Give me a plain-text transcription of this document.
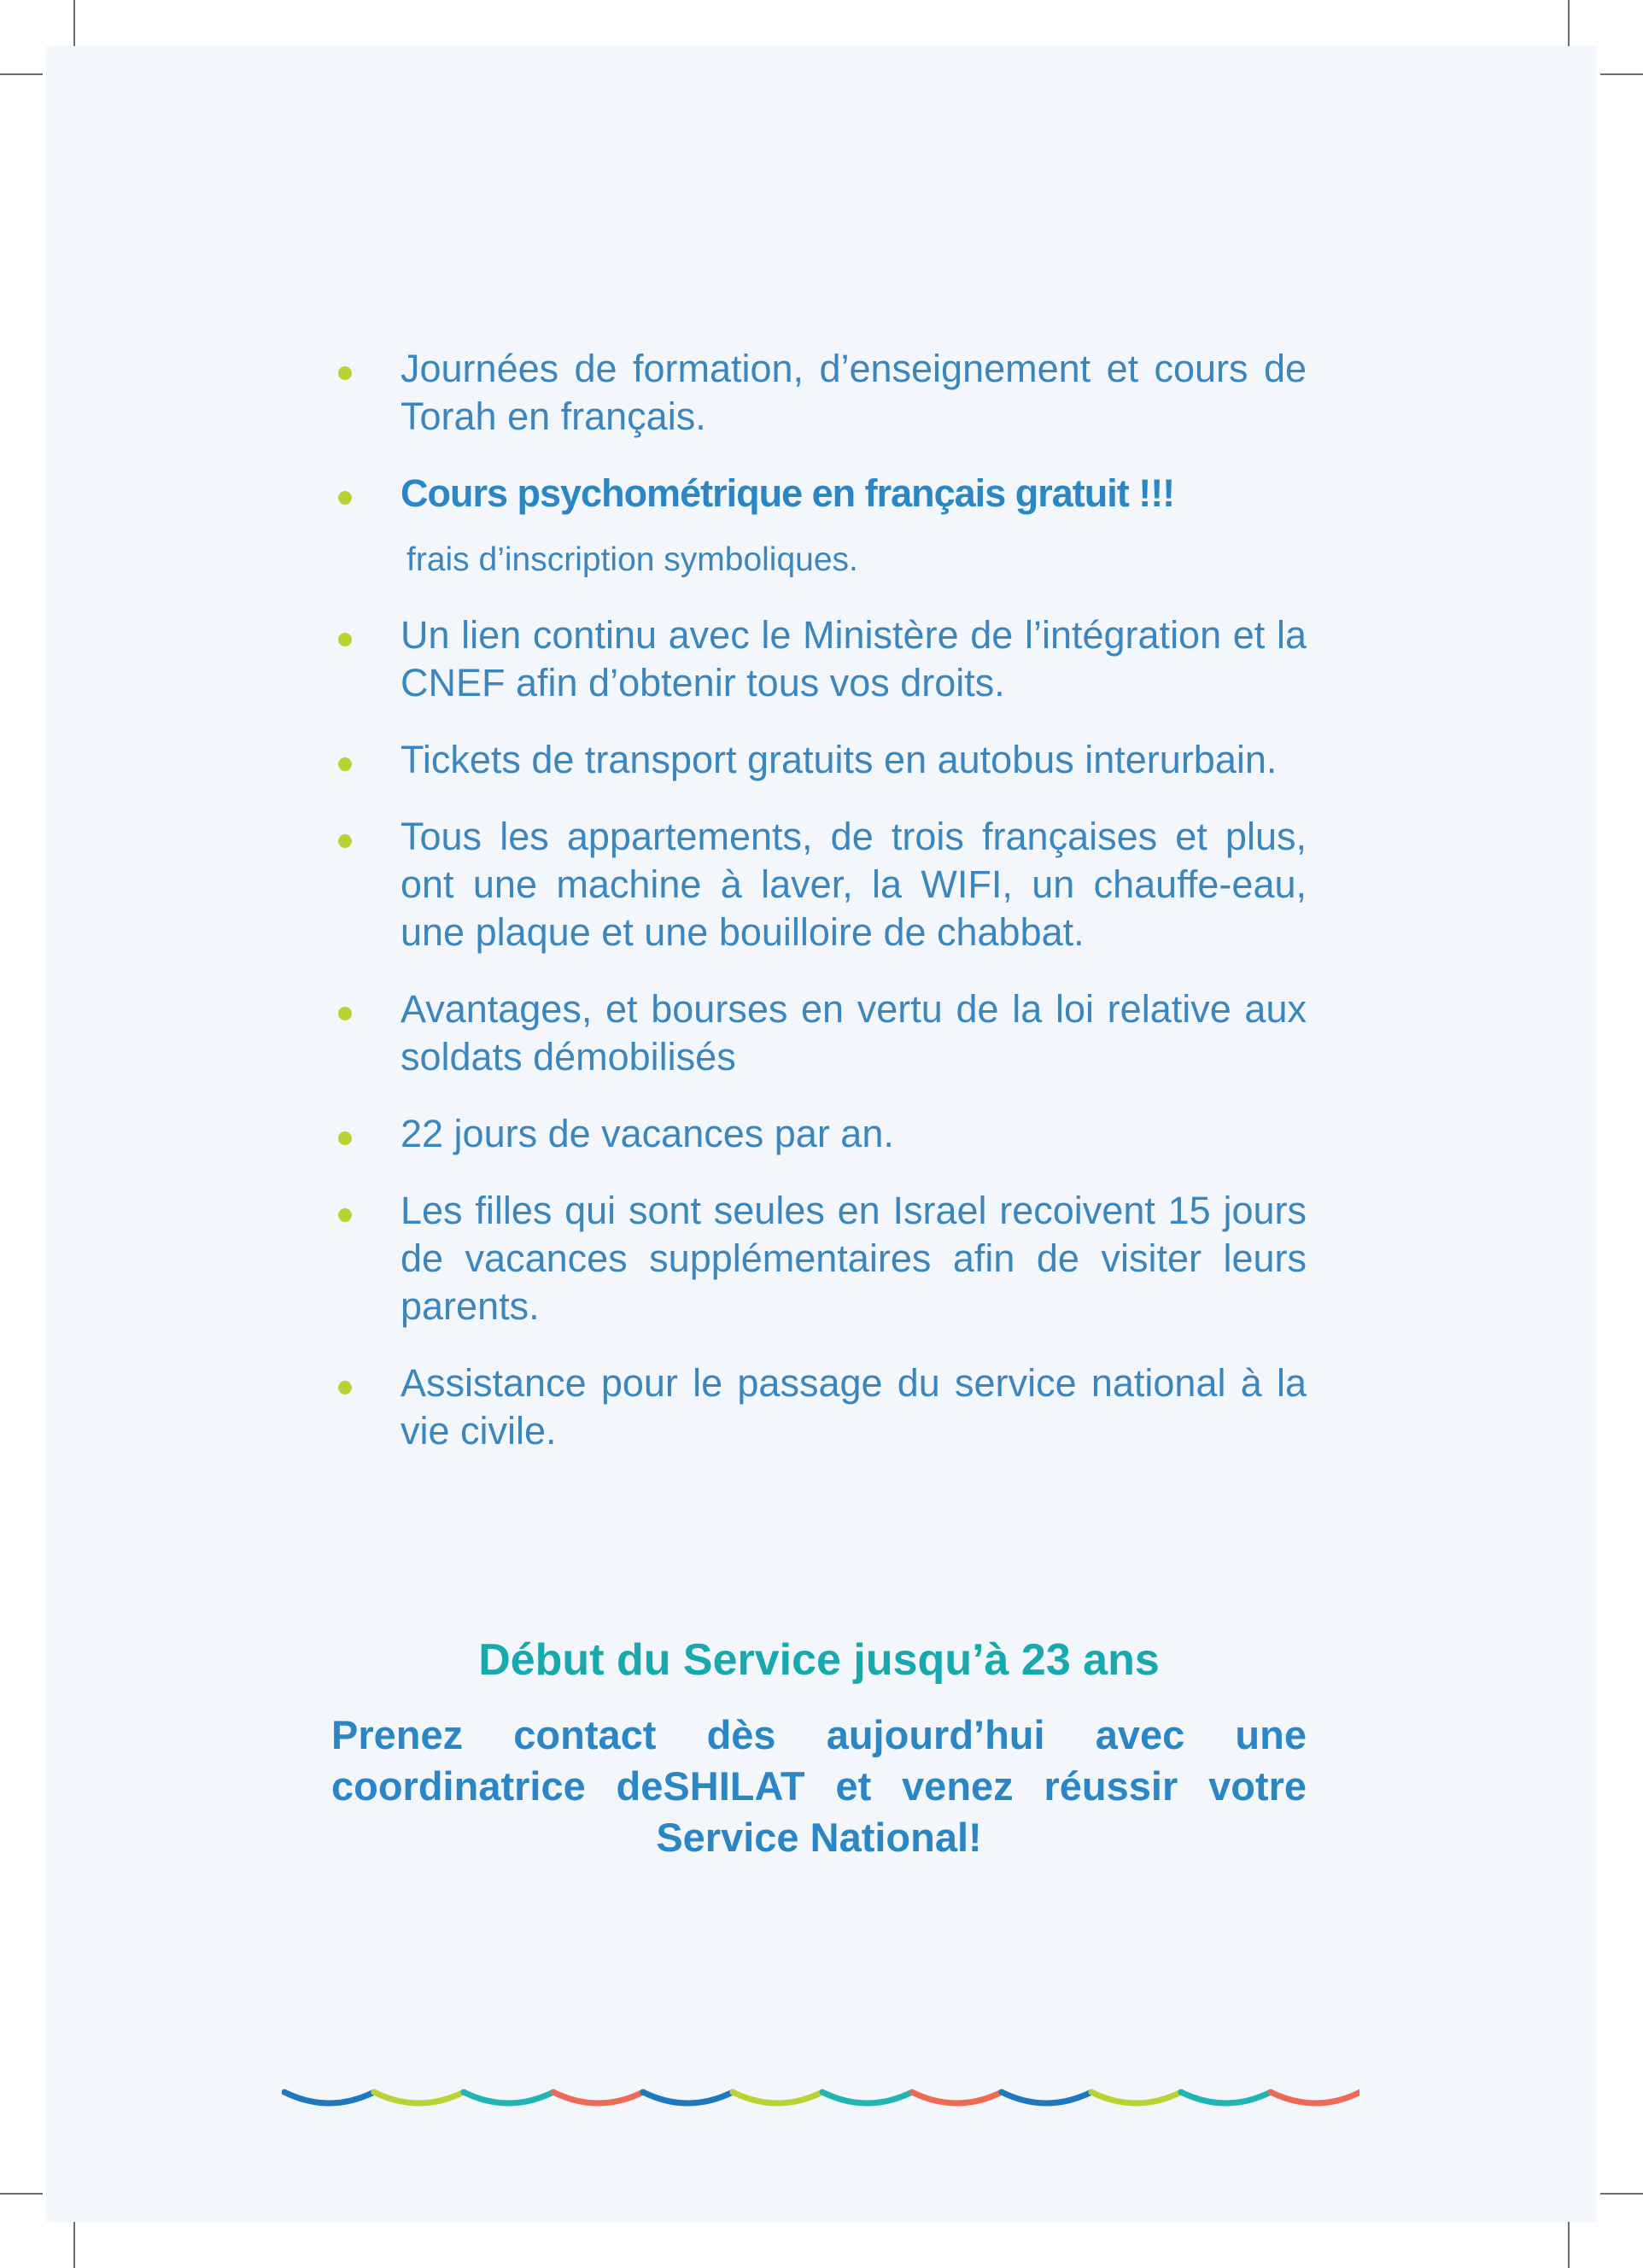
Journées de formation, d’enseignement et cours de Torah en français.
Cours psychométrique en français gratuit !!!
frais d’inscription symboliques.
Un lien continu avec le Ministère de l’intégration et la CNEF afin d’obtenir tous vos droits.
Tickets de transport gratuits en autobus interurbain.
Tous les appartements, de trois françaises et plus, ont une machine à laver, la WIFI, un chauffe-eau, une plaque et une bouilloire de chabbat.
Avantages, et bourses en vertu de la loi relative aux soldats démobilisés
22 jours de vacances par an.
Les filles qui sont seules en Israel recoivent 15 jours de vacances supplémentaires afin de visiter leurs parents.
Assistance pour le passage du service national à la vie civile.
Début du Service jusqu’à 23 ans
Prenez contact dès aujourd’hui avec une
coordinatrice deSHILAT et venez réussir votre
Service National!
